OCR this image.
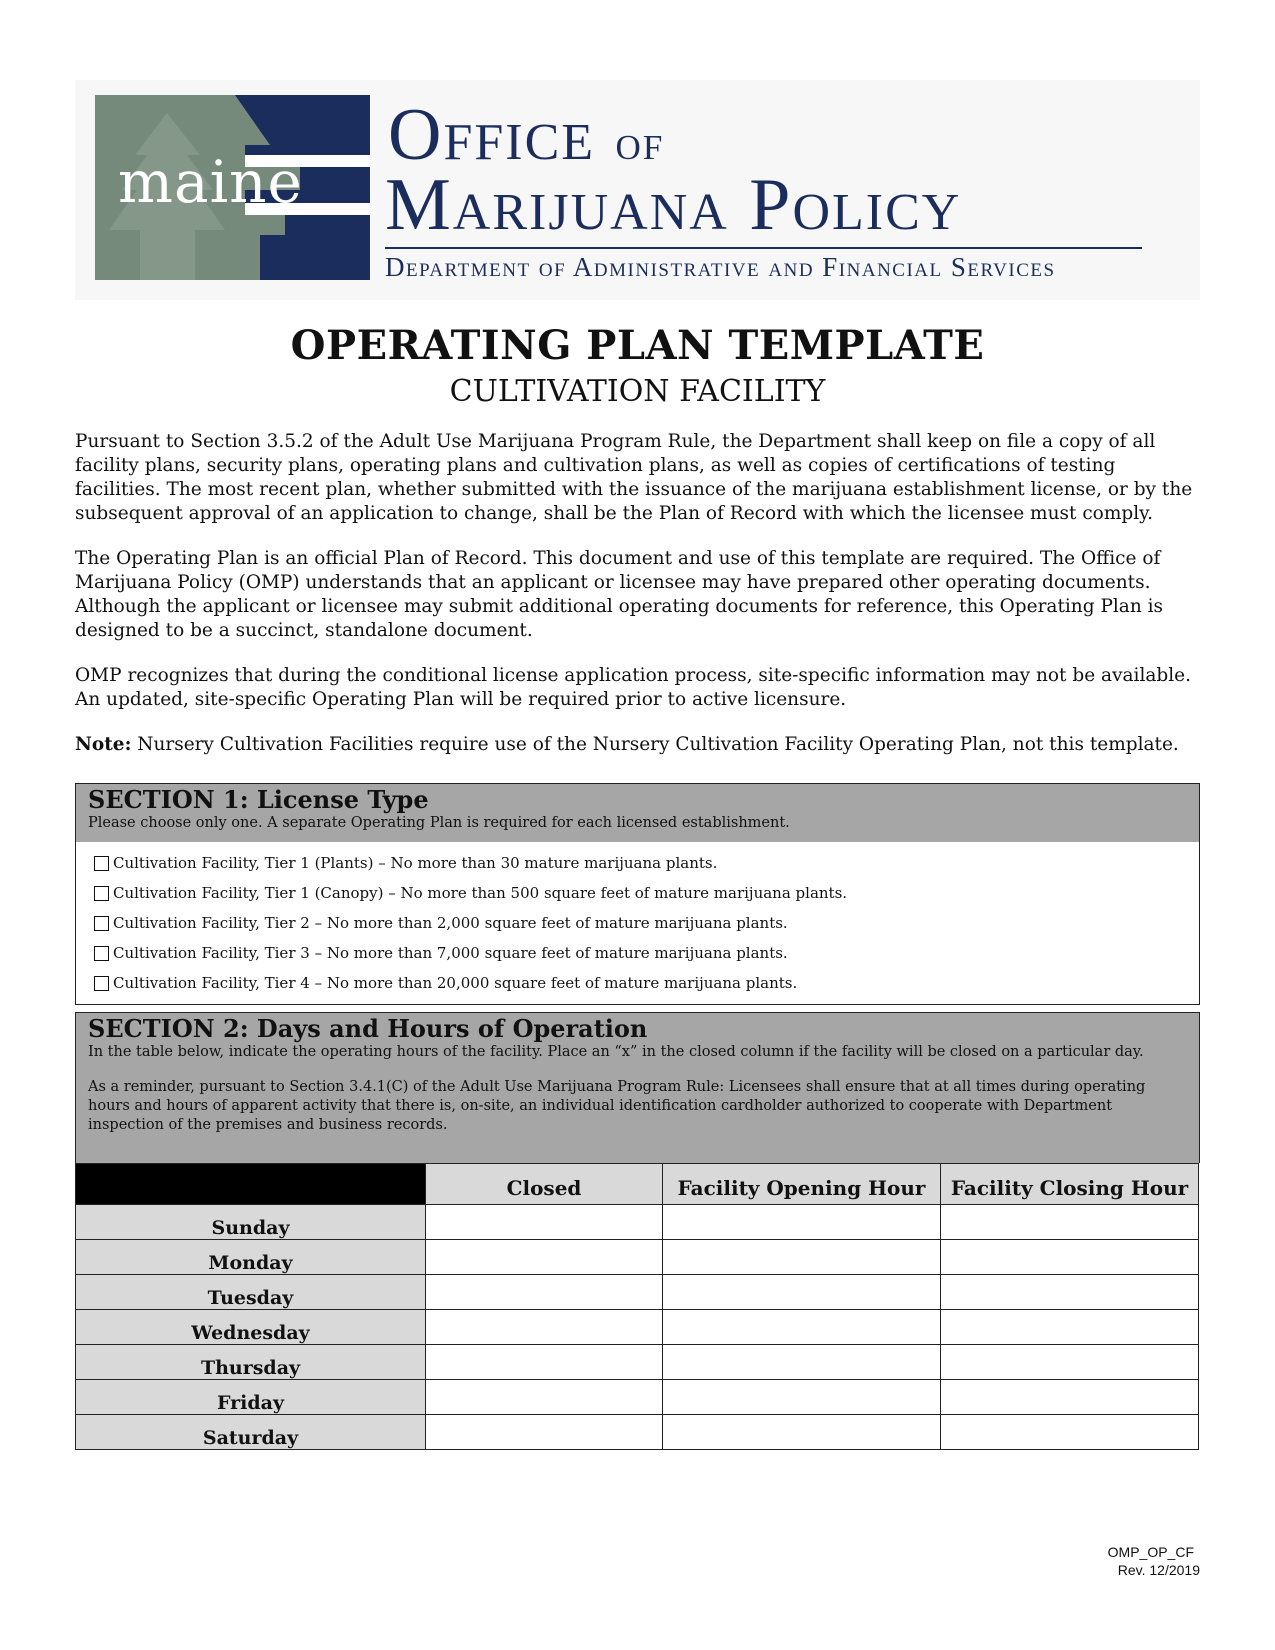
maine
Office of
Marijuana Policy
Department of Administrative and Financial Services
OPERATING PLAN TEMPLATE
CULTIVATION FACILITY

Pursuant to Section 3.5.2 of the Adult Use Marijuana Program Rule, the Department shall keep on file a copy of all facility plans, security plans, operating plans and cultivation plans, as well as copies of certifications of testing facilities. The most recent plan, whether submitted with the issuance of the marijuana establishment license, or by the subsequent approval of an application to change, shall be the Plan of Record with which the licensee must comply.

The Operating Plan is an official Plan of Record. This document and use of this template are required. The Office of Marijuana Policy (OMP) understands that an applicant or licensee may have prepared other operating documents. Although the applicant or licensee may submit additional operating documents for reference, this Operating Plan is designed to be a succinct, standalone document.

OMP recognizes that during the conditional license application process, site-specific information may not be available. An updated, site-specific Operating Plan will be required prior to active licensure.

Note: Nursery Cultivation Facilities require use of the Nursery Cultivation Facility Operating Plan, not this template.

SECTION 1: License Type
Please choose only one. A separate Operating Plan is required for each licensed establishment.
Cultivation Facility, Tier 1 (Plants) – No more than 30 mature marijuana plants.
Cultivation Facility, Tier 1 (Canopy) – No more than 500 square feet of mature marijuana plants.
Cultivation Facility, Tier 2 – No more than 2,000 square feet of mature marijuana plants.
Cultivation Facility, Tier 3 – No more than 7,000 square feet of mature marijuana plants.
Cultivation Facility, Tier 4 – No more than 20,000 square feet of mature marijuana plants.
SECTION 2: Days and Hours of Operation
In the table below, indicate the operating hours of the facility. Place an “x” in the closed column if the facility will be closed on a particular day.
As a reminder, pursuant to Section 3.4.1(C) of the Adult Use Marijuana Program Rule: Licensees shall ensure that at all times during operating hours and hours of apparent activity that there is, on-site, an individual identification cardholder authorized to cooperate with Department inspection of the premises and business records.
	Closed	Facility Opening Hour	Facility Closing Hour
Sunday			
Monday			
Tuesday			
Wednesday			
Thursday			
Friday			
Saturday			
OMP_OP_CF
Rev. 12/2019
